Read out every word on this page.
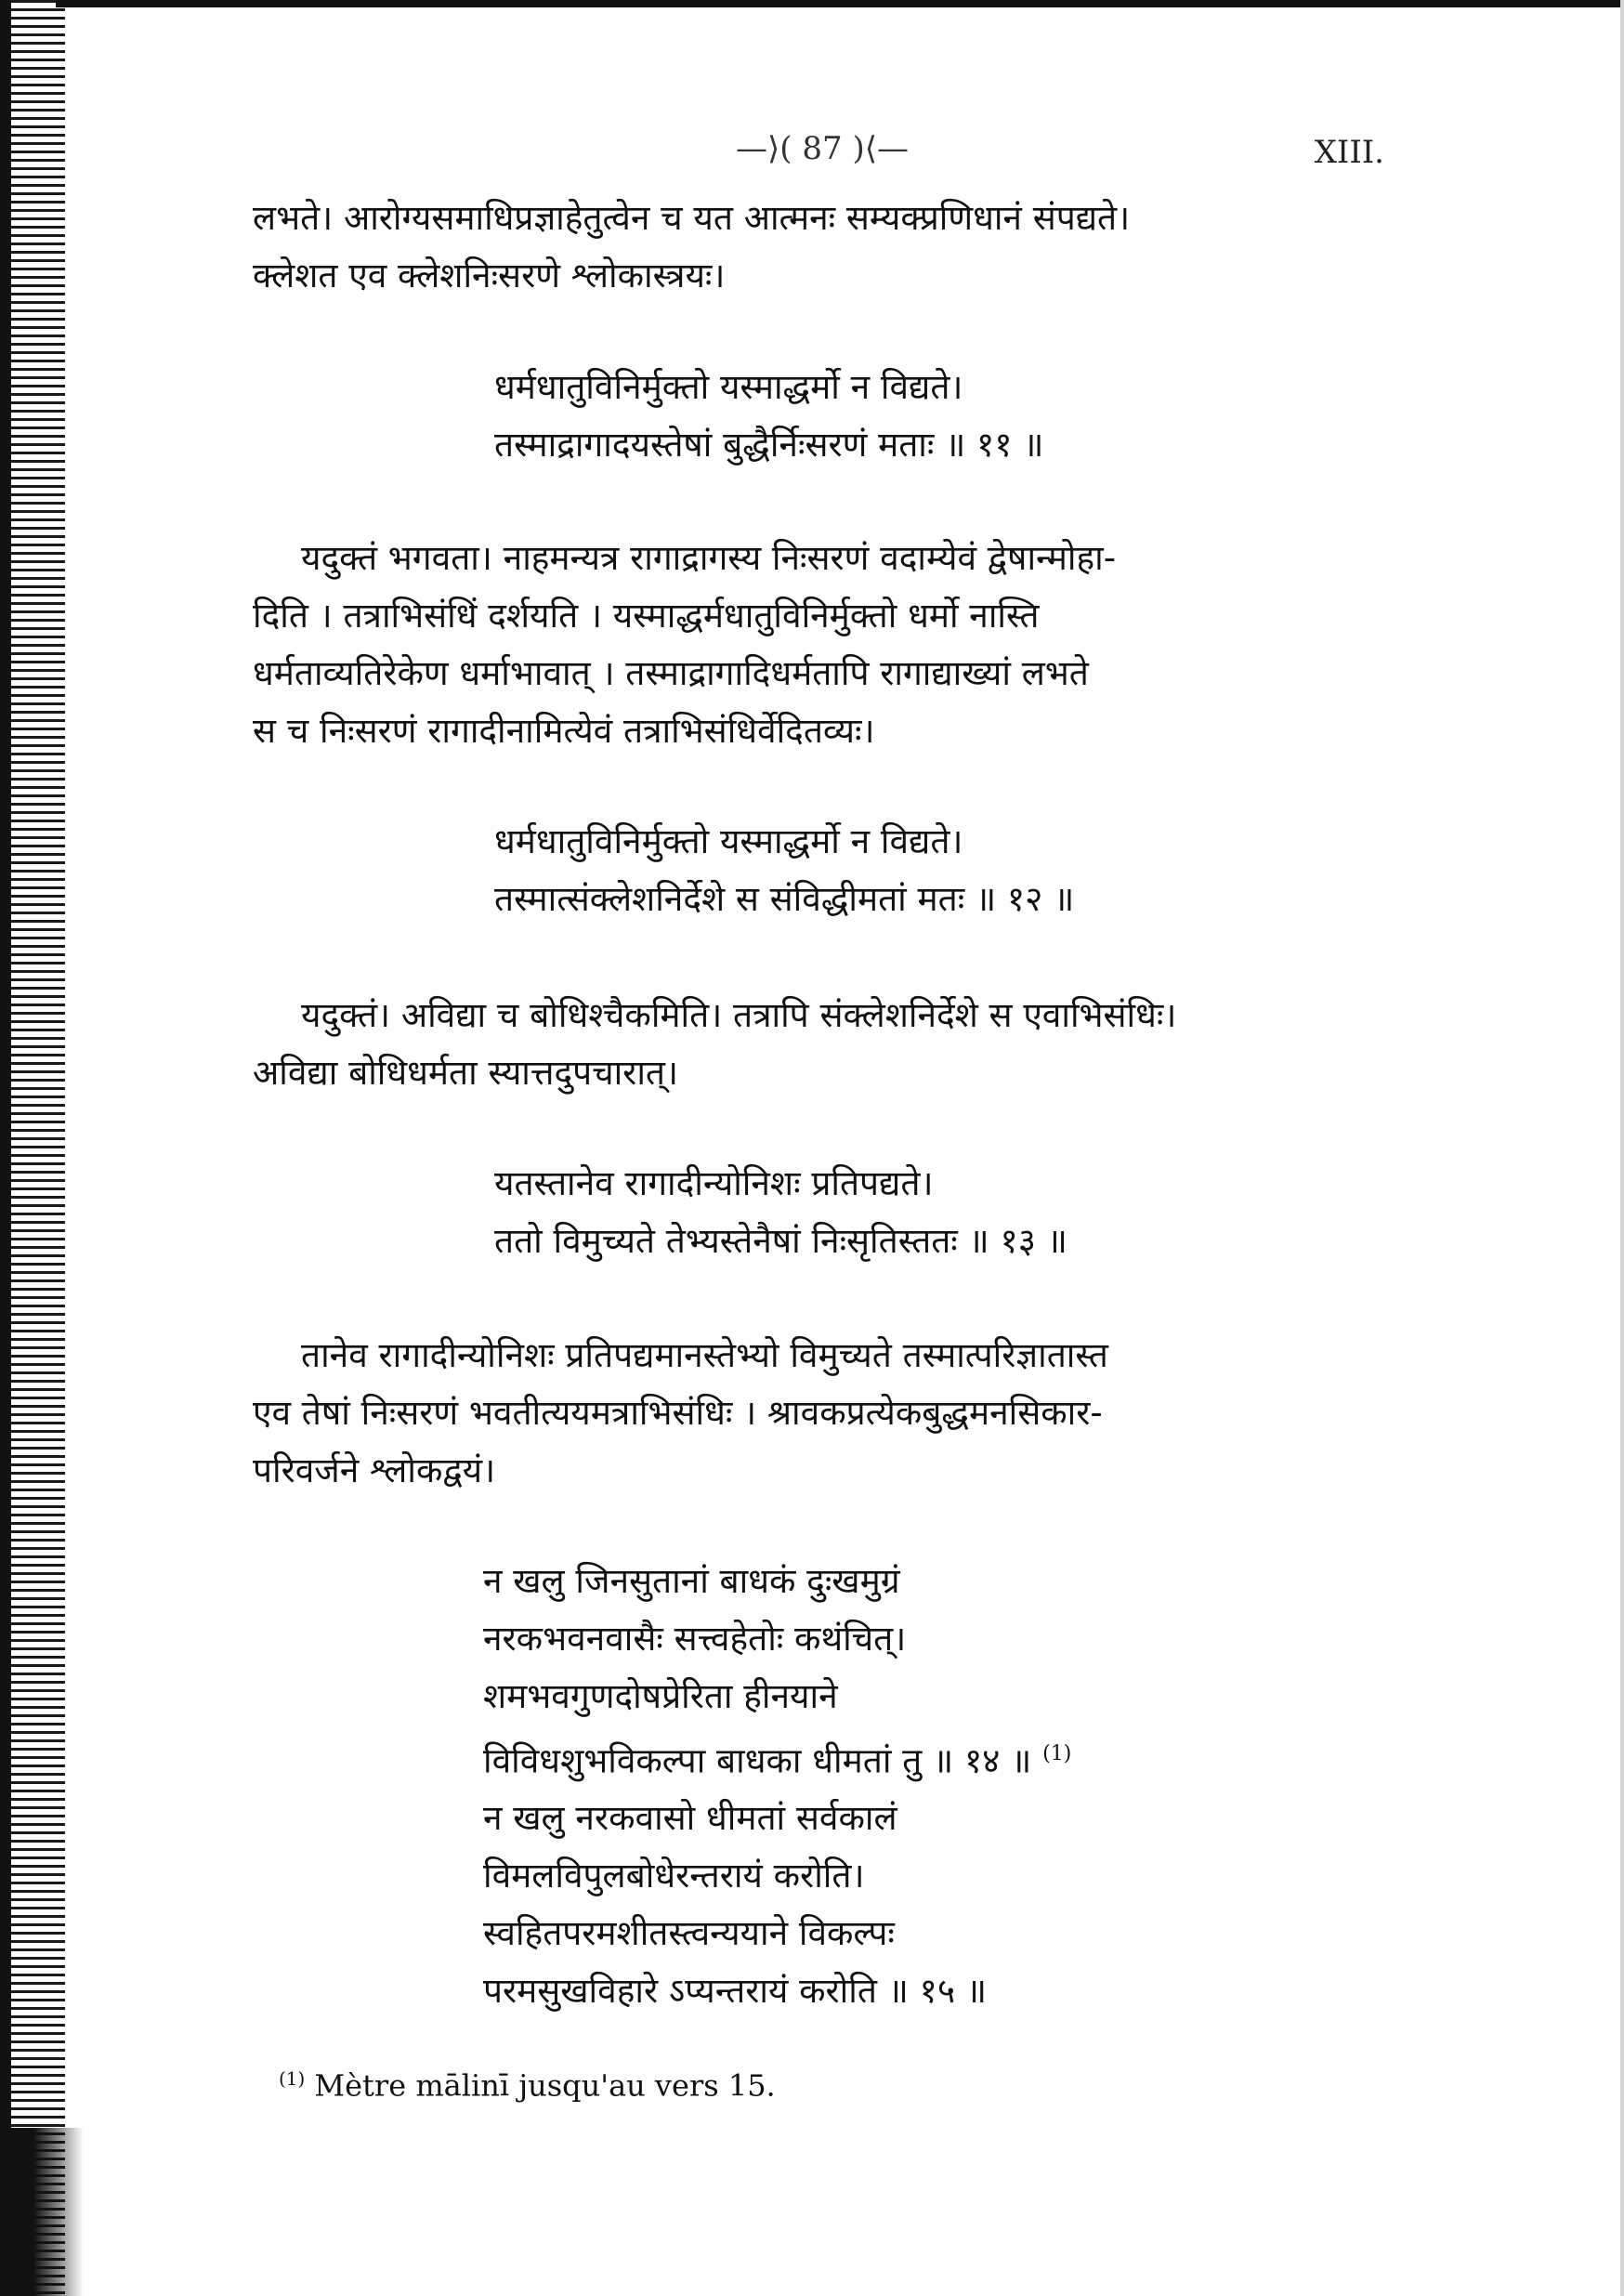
—⟩( 87 )⟨—	XIII.
लभते। आरोग्यसमाधिप्रज्ञाहेतुत्वेन च यत आत्मनः सम्यक्प्रणिधानं संपद्यते।
क्लेशत एव क्लेशनिःसरणे श्लोकास्त्रयः।
धर्मधातुविनिर्मुक्तो यस्माद्धर्मो न विद्यते।
तस्माद्रागादयस्तेषां बुद्धैर्निःसरणं मताः ॥ ११ ॥
यदुक्तं भगवता। नाहमन्यत्र रागाद्रागस्य निःसरणं वदाम्येवं द्वेषान्मोहा-
दिति । तत्राभिसंधिं दर्शयति । यस्माद्धर्मधातुविनिर्मुक्तो धर्मो नास्ति
धर्मताव्यतिरेकेण धर्माभावात् । तस्माद्रागादिधर्मतापि रागाद्याख्यां लभते
स च निःसरणं रागादीनामित्येवं तत्राभिसंधिर्वेदितव्यः।
धर्मधातुविनिर्मुक्तो यस्माद्धर्मो न विद्यते।
तस्मात्संक्लेशनिर्देशे स संविद्धीमतां मतः ॥ १२ ॥
यदुक्तं। अविद्या च बोधिश्चैकमिति। तत्रापि संक्लेशनिर्देशे स एवाभिसंधिः।
अविद्या बोधिधर्मता स्यात्तदुपचारात्।
यतस्तानेव रागादीन्योनिशः प्रतिपद्यते।
ततो विमुच्यते तेभ्यस्तेनैषां निःसृतिस्ततः ॥ १३ ॥
तानेव रागादीन्योनिशः प्रतिपद्यमानस्तेभ्यो विमुच्यते तस्मात्परिज्ञातास्त
एव तेषां निःसरणं भवतीत्ययमत्राभिसंधिः । श्रावकप्रत्येकबुद्धमनसिकार-
परिवर्जने श्लोकद्वयं।
न खलु जिनसुतानां बाधकं दुःखमुग्रं
नरकभवनवासैः सत्त्वहेतोः कथंचित्।
शमभवगुणदोषप्रेरिता हीनयाने
विविधशुभविकल्पा बाधका धीमतां तु ॥ १४ ॥ $^{(1)}$
न खलु नरकवासो धीमतां सर्वकालं
विमलविपुलबोधेरन्तरायं करोति।
स्वहितपरमशीतस्त्वन्ययाने विकल्पः
परमसुखविहारे ऽप्यन्तरायं करोति ॥ १५ ॥
$^{(1)}$ Mètre mālinī jusqu'au vers 15.
